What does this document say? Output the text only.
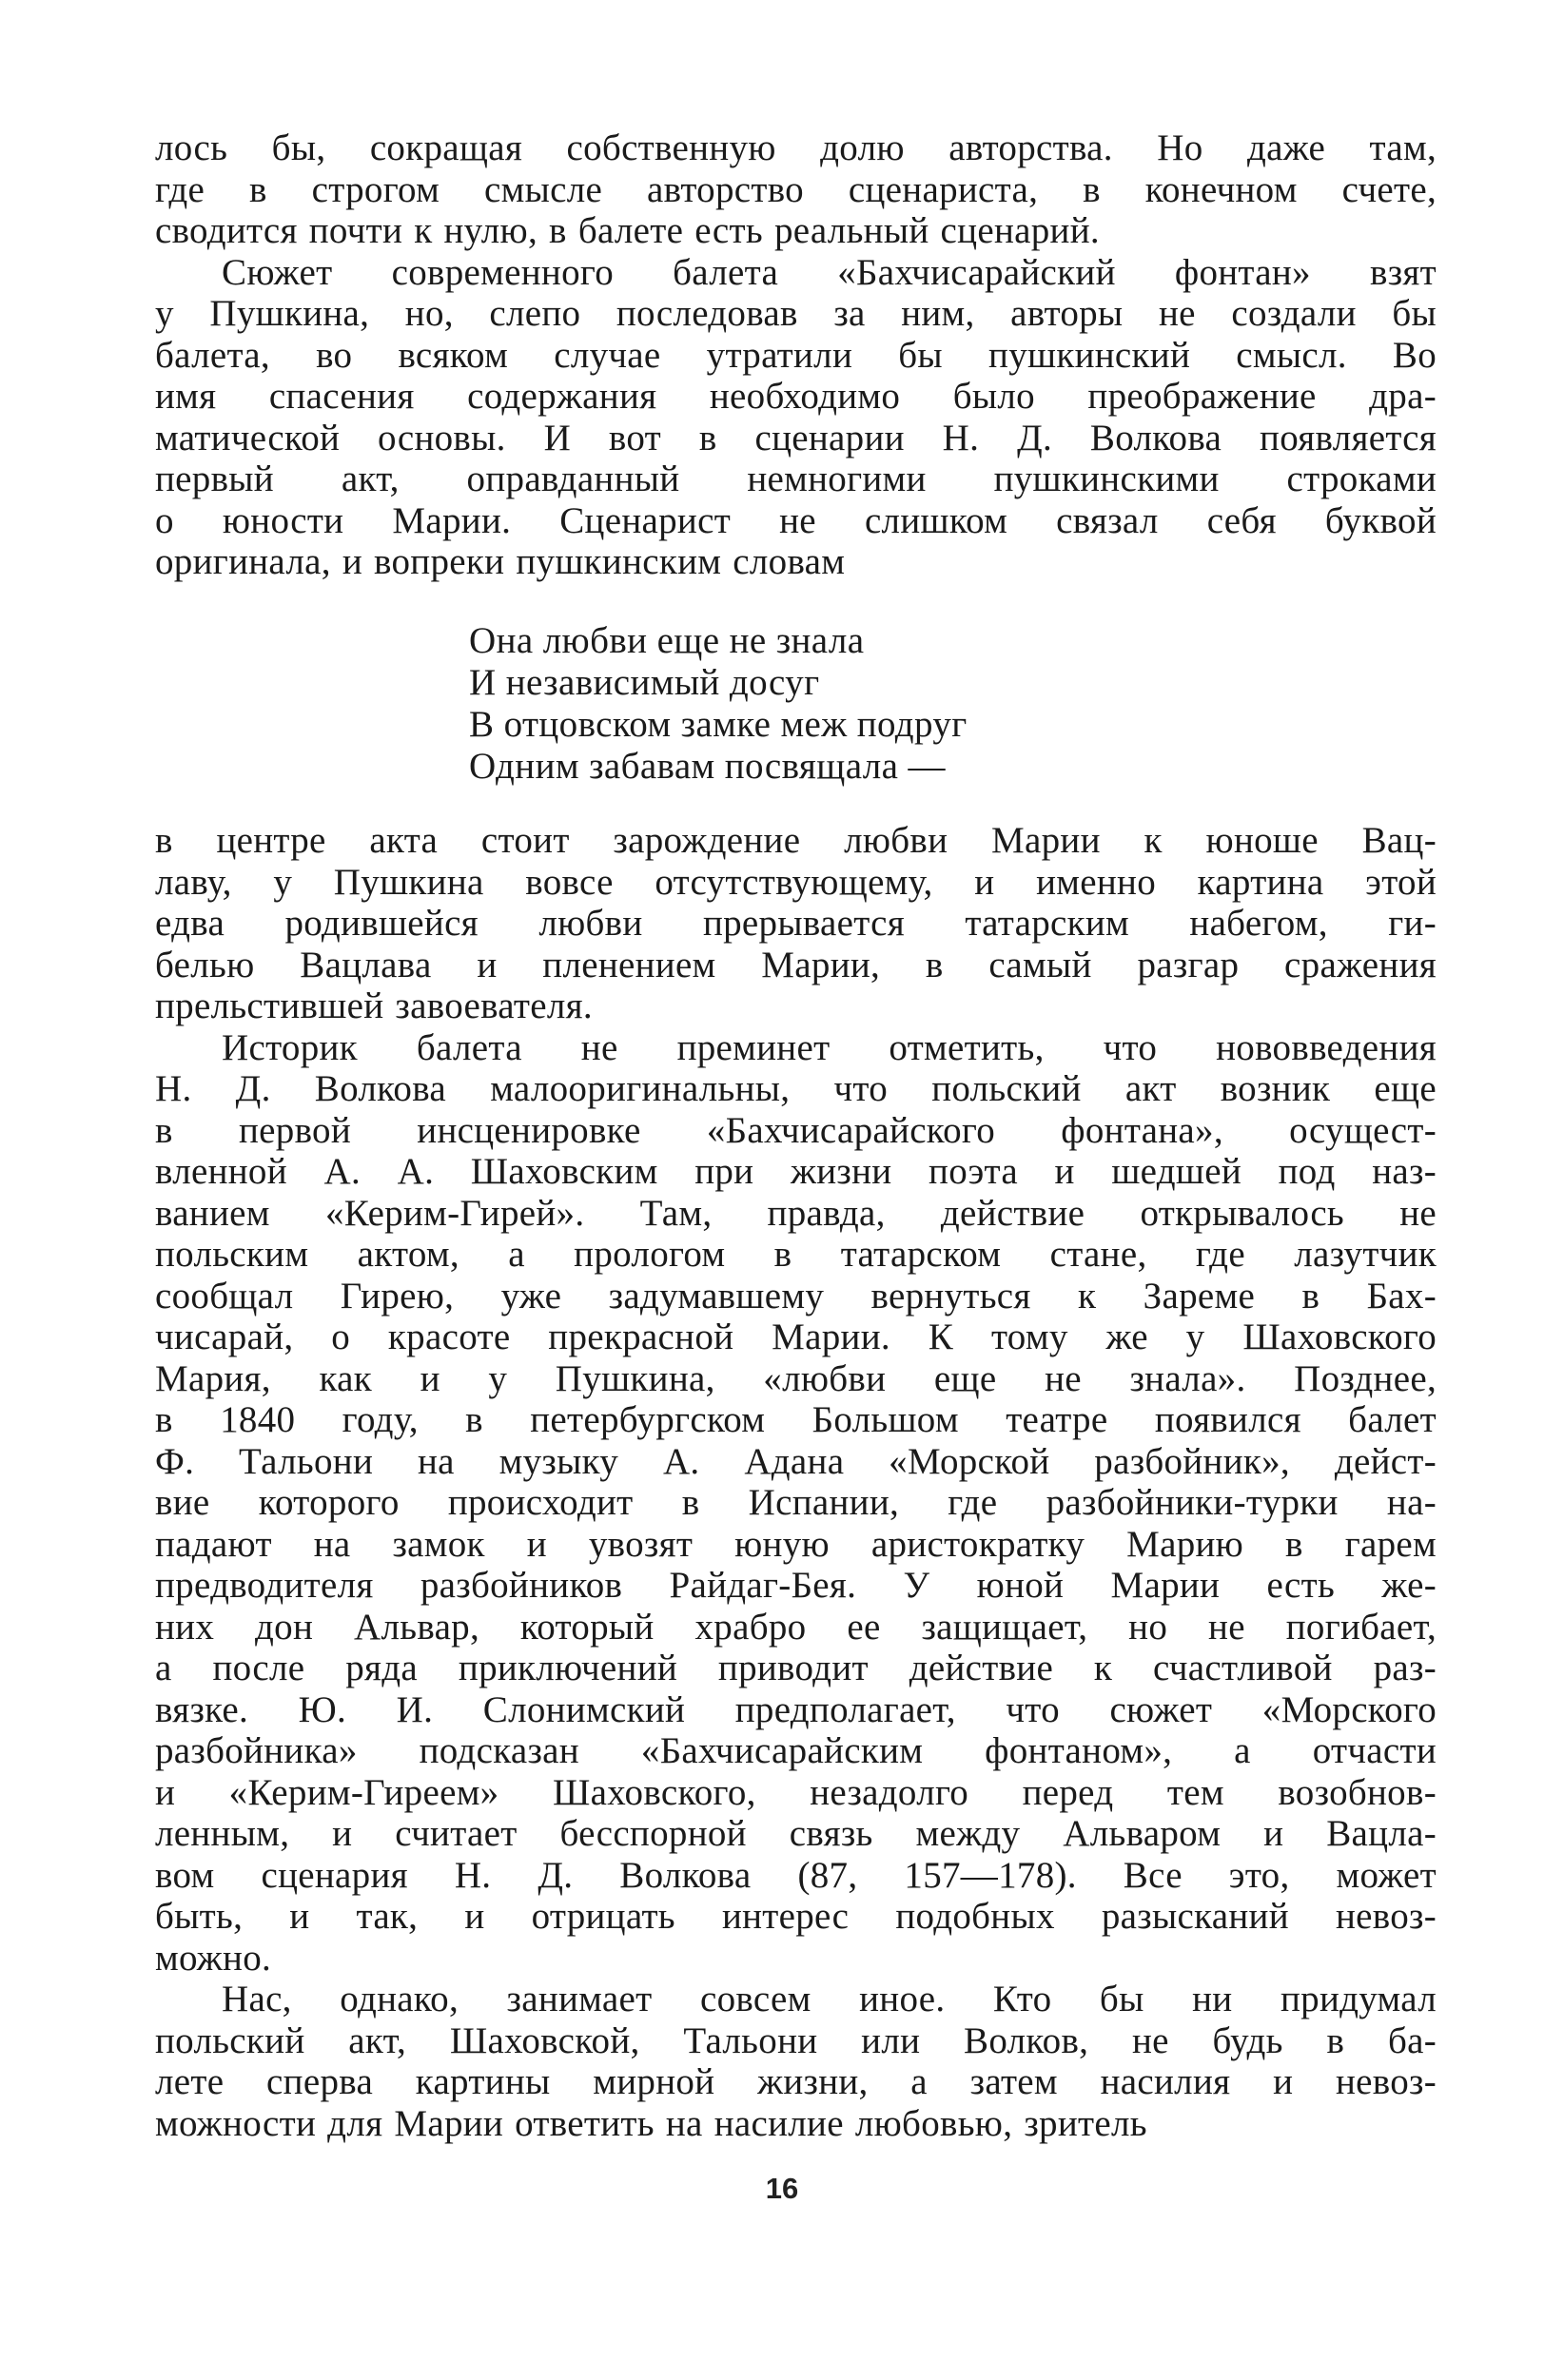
лось бы, сокращая собственную долю авторства. Но даже там,
где в строгом смысле авторство сценариста, в конечном счете,
сводится почти к нулю, в балете есть реальный сценарий.

Сюжет современного балета «Бахчисарайский фонтан» взят
у Пушкина, но, слепо последовав за ним, авторы не создали бы
балета, во всяком случае утратили бы пушкинский смысл. Во
имя спасения содержания необходимо было преображение дра-
матической основы. И вот в сценарии Н. Д. Волкова появляется
первый акт, оправданный немногими пушкинскими строками
о юности Марии. Сценарист не слишком связал себя буквой
оригинала, и вопреки пушкинским словам

Она любви еще не знала
И независимый досуг
В отцовском замке меж подруг
Одним забавам посвящала —

в центре акта стоит зарождение любви Марии к юноше Вац-
лаву, у Пушкина вовсе отсутствующему, и именно картина этой
едва родившейся любви прерывается татарским набегом, ги-
белью Вацлава и пленением Марии, в самый разгар сражения
прельстившей завоевателя.

Историк балета не преминет отметить, что нововведения
Н. Д. Волкова малооригинальны, что польский акт возник еще
в первой инсценировке «Бахчисарайского фонтана», осущест-
вленной А. А. Шаховским при жизни поэта и шедшей под наз-
ванием «Керим-Гирей». Там, правда, действие открывалось не
польским актом, а прологом в татарском стане, где лазутчик
сообщал Гирею, уже задумавшему вернуться к Зареме в Бах-
чисарай, о красоте прекрасной Марии. К тому же у Шаховского
Мария, как и у Пушкина, «любви еще не знала». Позднее,
в 1840 году, в петербургском Большом театре появился балет
Ф. Тальони на музыку А. Адана «Морской разбойник», дейст-
вие которого происходит в Испании, где разбойники-турки на-
падают на замок и увозят юную аристократку Марию в гарем
предводителя разбойников Райдаг-Бея. У юной Марии есть же-
них дон Альвар, который храбро ее защищает, но не погибает,
а после ряда приключений приводит действие к счастливой раз-
вязке. Ю. И. Слонимский предполагает, что сюжет «Морского
разбойника» подсказан «Бахчисарайским фонтаном», а отчасти
и «Керим-Гиреем» Шаховского, незадолго перед тем возобнов-
ленным, и считает бесспорной связь между Альваром и Вацла-
вом сценария Н. Д. Волкова (87, 157—178). Все это, может
быть, и так, и отрицать интерес подобных разысканий невоз-
можно.

Нас, однако, занимает совсем иное. Кто бы ни придумал
польский акт, Шаховской, Тальони или Волков, не будь в ба-
лете сперва картины мирной жизни, а затем насилия и невоз-
можности для Марии ответить на насилие любовью, зритель

16
